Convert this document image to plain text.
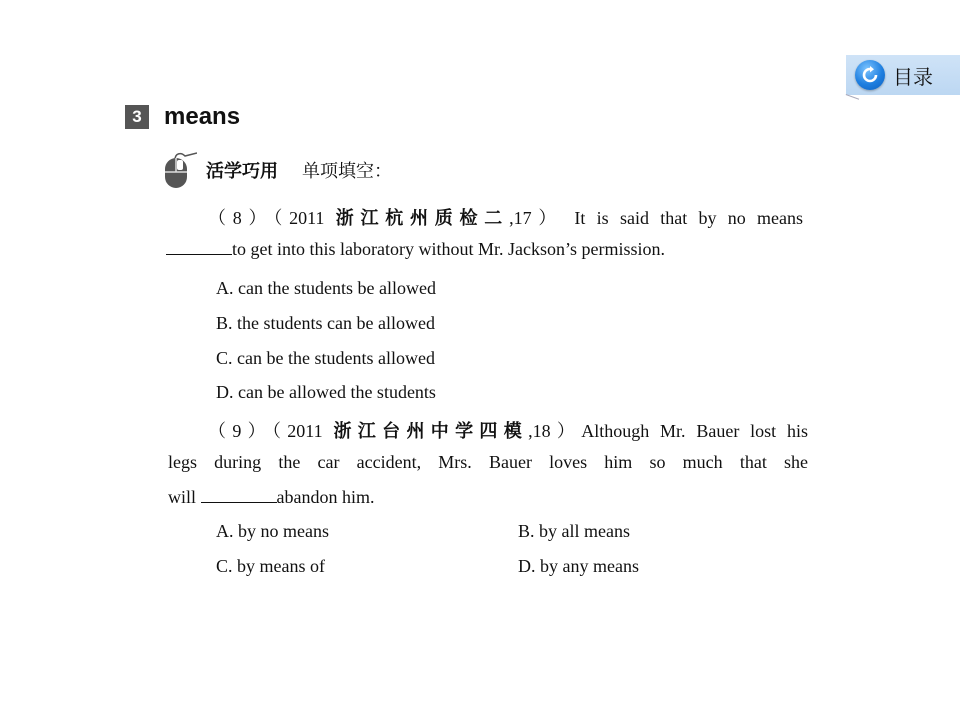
目录
3 means
活学巧用 单项填空：
（8）（2011 浙江杭州质检二,17） It is said that by no means
to get into this laboratory without Mr. Jackson’s permission.
A. can the students be allowed
B. the students can be allowed
C. can be the students allowed
D. can be allowed the students
（9）（2011 浙江台州中学四模,18）Although Mr. Bauer lost his
legs during the car accident, Mrs. Bauer loves him so much that she
will	abandon him.
A. by no means	B. by all means
C. by means of	D. by any means
